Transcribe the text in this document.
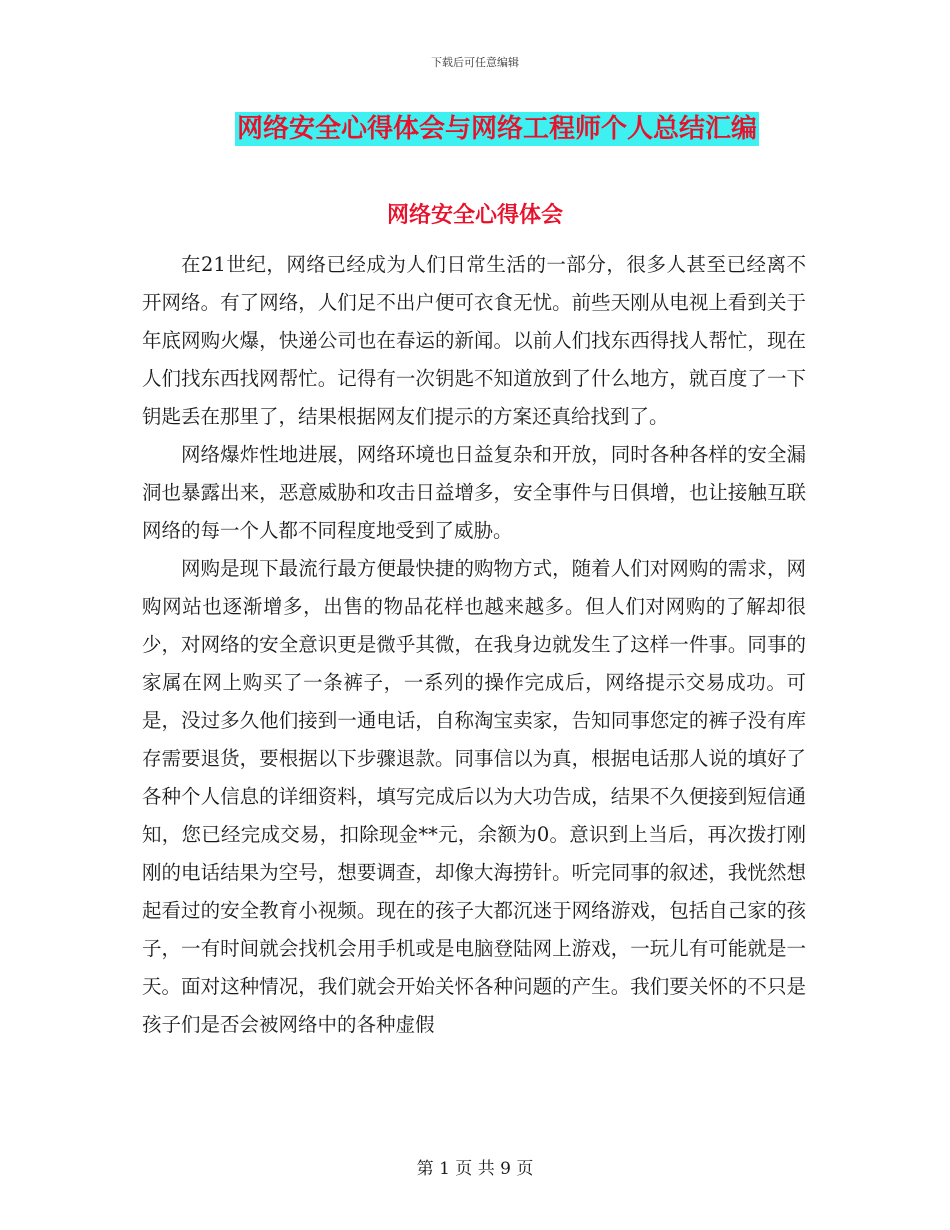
下载后可任意编辑
网络安全心得体会与网络工程师个人总结汇编
网络安全心得体会

在21世纪，网络已经成为人们日常生活的一部分，很多人甚至已经离不开网络。有了网络，人们足不出户便可衣食无忧。前些天刚从电视上看到关于年底网购火爆，快递公司也在春运的新闻。以前人们找东西得找人帮忙，现在人们找东西找网帮忙。记得有一次钥匙不知道放到了什么地方，就百度了一下钥匙丢在那里了，结果根据网友们提示的方案还真给找到了。

网络爆炸性地进展，网络环境也日益复杂和开放，同时各种各样的安全漏洞也暴露出来，恶意威胁和攻击日益增多，安全事件与日俱增，也让接触互联网络的每一个人都不同程度地受到了威胁。

网购是现下最流行最方便最快捷的购物方式，随着人们对网购的需求，网购网站也逐渐增多，出售的物品花样也越来越多。但人们对网购的了解却很少，对网络的安全意识更是微乎其微，在我身边就发生了这样一件事。同事的家属在网上购买了一条裤子，一系列的操作完成后，网络提示交易成功。可是，没过多久他们接到一通电话，自称淘宝卖家，告知同事您定的裤子没有库存需要退货，要根据以下步骤退款。同事信以为真，根据电话那人说的填好了各种个人信息的详细资料，填写完成后以为大功告成，结果不久便接到短信通知，您已经完成交易，扣除现金**元，余额为0。意识到上当后，再次拨打刚刚的电话结果为空号，想要调查，却像大海捞针。听完同事的叙述，我恍然想起看过的安全教育小视频。现在的孩子大都沉迷于网络游戏，包括自己家的孩子，一有时间就会找机会用手机或是电脑登陆网上游戏，一玩儿有可能就是一天。面对这种情况，我们就会开始关怀各种问题的产生。我们要关怀的不只是孩子们是否会被网络中的各种虚假

第 1 页 共 9 页
